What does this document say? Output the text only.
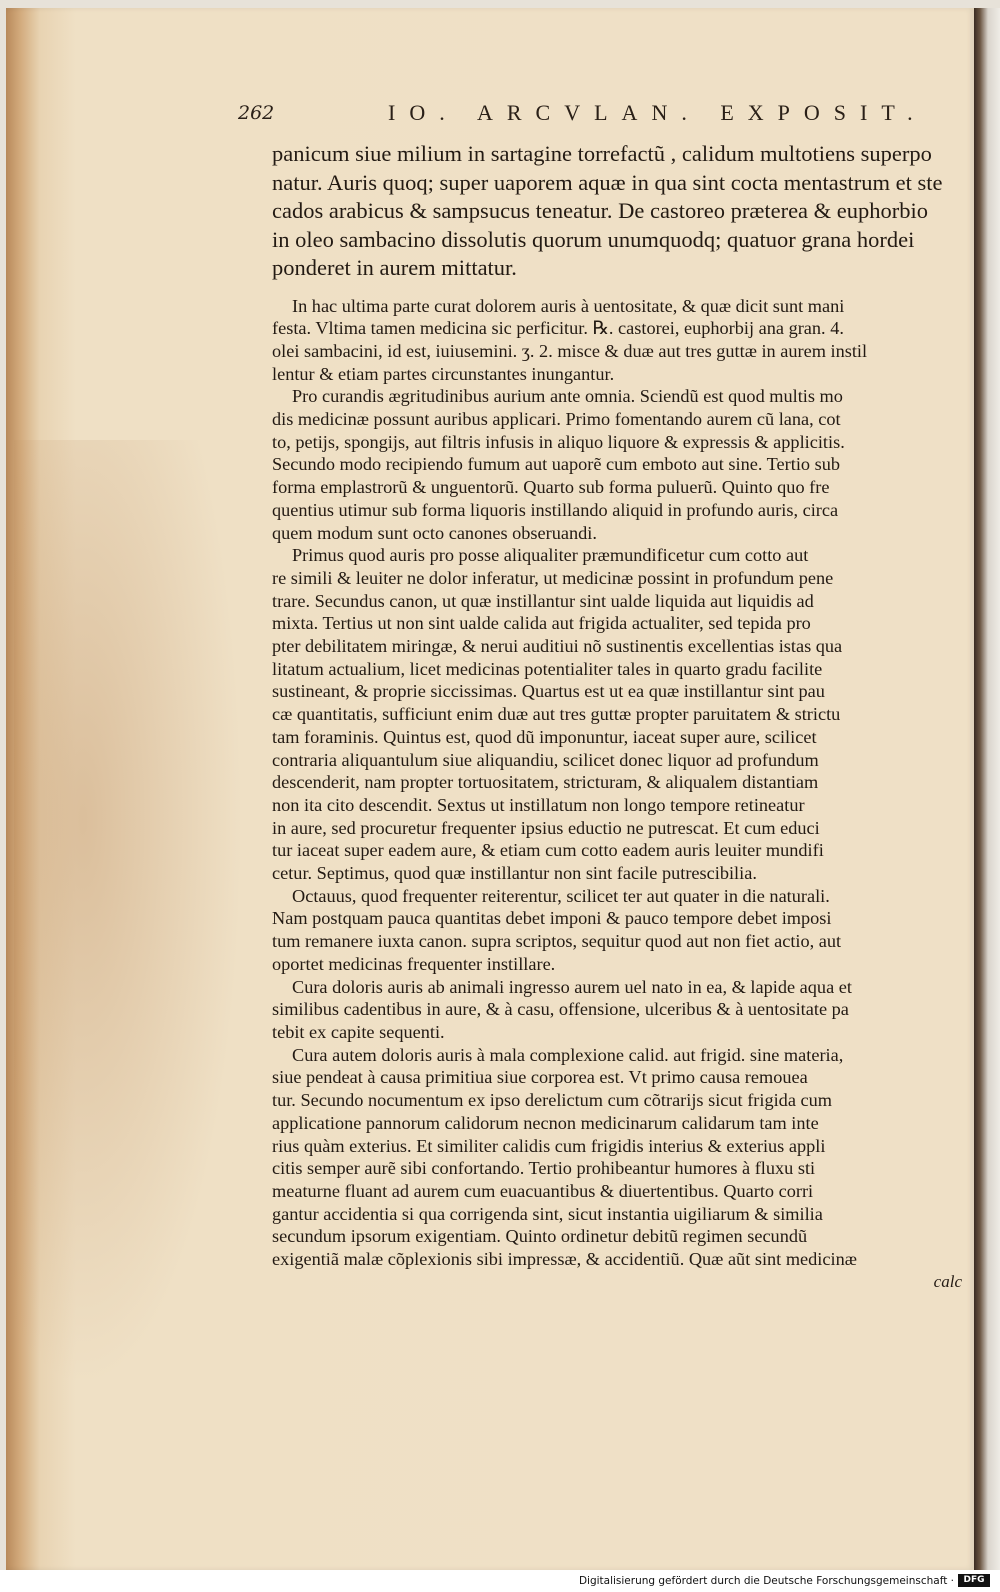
262	IO. ARCVLAN. EXPOSIT.
panicum siue milium in sartagine torrefactũ , calidum multotiens superpo
natur. Auris quoq; super uaporem aquæ in qua sint cocta mentastrum et ste
cados arabicus & sampsucus teneatur. De castoreo præterea & euphorbio
in oleo sambacino dissolutis quorum unumquodq; quatuor grana hordei
ponderet in aurem mittatur.

In hac ultima parte curat dolorem auris à uentositate, & quæ dicit sunt mani
festa. Vltima tamen medicina sic perficitur. ℞. castorei, euphorbij ana gran. 4.
olei sambacini, id est, iuiusemini. ʒ. 2. misce & duæ aut tres guttæ in aurem instil
lentur & etiam partes circunstantes inungantur.

Pro curandis ægritudinibus aurium ante omnia. Sciendũ est quod multis mo
dis medicinæ possunt auribus applicari. Primo fomentando aurem cũ lana, cot
to, petijs, spongijs, aut filtris infusis in aliquo liquore & expressis & applicitis.
Secundo modo recipiendo fumum aut uaporẽ cum emboto aut sine. Tertio sub
forma emplastrorũ & unguentorũ. Quarto sub forma puluerũ. Quinto quo fre
quentius utimur sub forma liquoris instillando aliquid in profundo auris, circa
quem modum sunt octo canones obseruandi.

Primus quod auris pro posse aliqualiter præmundificetur cum cotto aut
re simili & leuiter ne dolor inferatur, ut medicinæ possint in profundum pene
trare. Secundus canon, ut quæ instillantur sint ualde liquida aut liquidis ad
mixta. Tertius ut non sint ualde calida aut frigida actualiter, sed tepida pro
pter debilitatem miringæ, & nerui auditiui nõ sustinentis excellentias istas qua
litatum actualium, licet medicinas potentialiter tales in quarto gradu facilite
sustineant, & proprie siccissimas. Quartus est ut ea quæ instillantur sint pau
cæ quantitatis, sufficiunt enim duæ aut tres guttæ propter paruitatem & strictu
tam foraminis. Quintus est, quod dũ imponuntur, iaceat super aure, scilicet
contraria aliquantulum siue aliquandiu, scilicet donec liquor ad profundum
descenderit, nam propter tortuositatem, stricturam, & aliqualem distantiam
non ita cito descendit. Sextus ut instillatum non longo tempore retineatur
in aure, sed procuretur frequenter ipsius eductio ne putrescat. Et cum educi
tur iaceat super eadem aure, & etiam cum cotto eadem auris leuiter mundifi
cetur. Septimus, quod quæ instillantur non sint facile putrescibilia.

Octauus, quod frequenter reiterentur, scilicet ter aut quater in die naturali.
Nam postquam pauca quantitas debet imponi & pauco tempore debet imposi
tum remanere iuxta canon. supra scriptos, sequitur quod aut non fiet actio, aut
oportet medicinas frequenter instillare.

Cura doloris auris ab animali ingresso aurem uel nato in ea, & lapide aqua et
similibus cadentibus in aure, & à casu, offensione, ulceribus & à uentositate pa
tebit ex capite sequenti.

Cura autem doloris auris à mala complexione calid. aut frigid. sine materia,
siue pendeat à causa primitiua siue corporea est. Vt primo causa remouea
tur. Secundo nocumentum ex ipso derelictum cum cõtrarijs sicut frigida cum
applicatione pannorum calidorum necnon medicinarum calidarum tam inte
rius quàm exterius. Et similiter calidis cum frigidis interius & exterius appli
citis semper aurẽ sibi confortando. Tertio prohibeantur humores à fluxu sti
meaturne fluant ad aurem cum euacuantibus & diuertentibus. Quarto corri
gantur accidentia si qua corrigenda sint, sicut instantia uigiliarum & similia
secundum ipsorum exigentiam. Quinto ordinetur debitũ regimen secundũ
exigentiã malæ cõplexionis sibi impressæ, & accidentiũ. Quæ aũt sint medicinæ

calc
Digitalisierung gefördert durch die Deutsche Forschungsgemeinschaft ·	DFG
